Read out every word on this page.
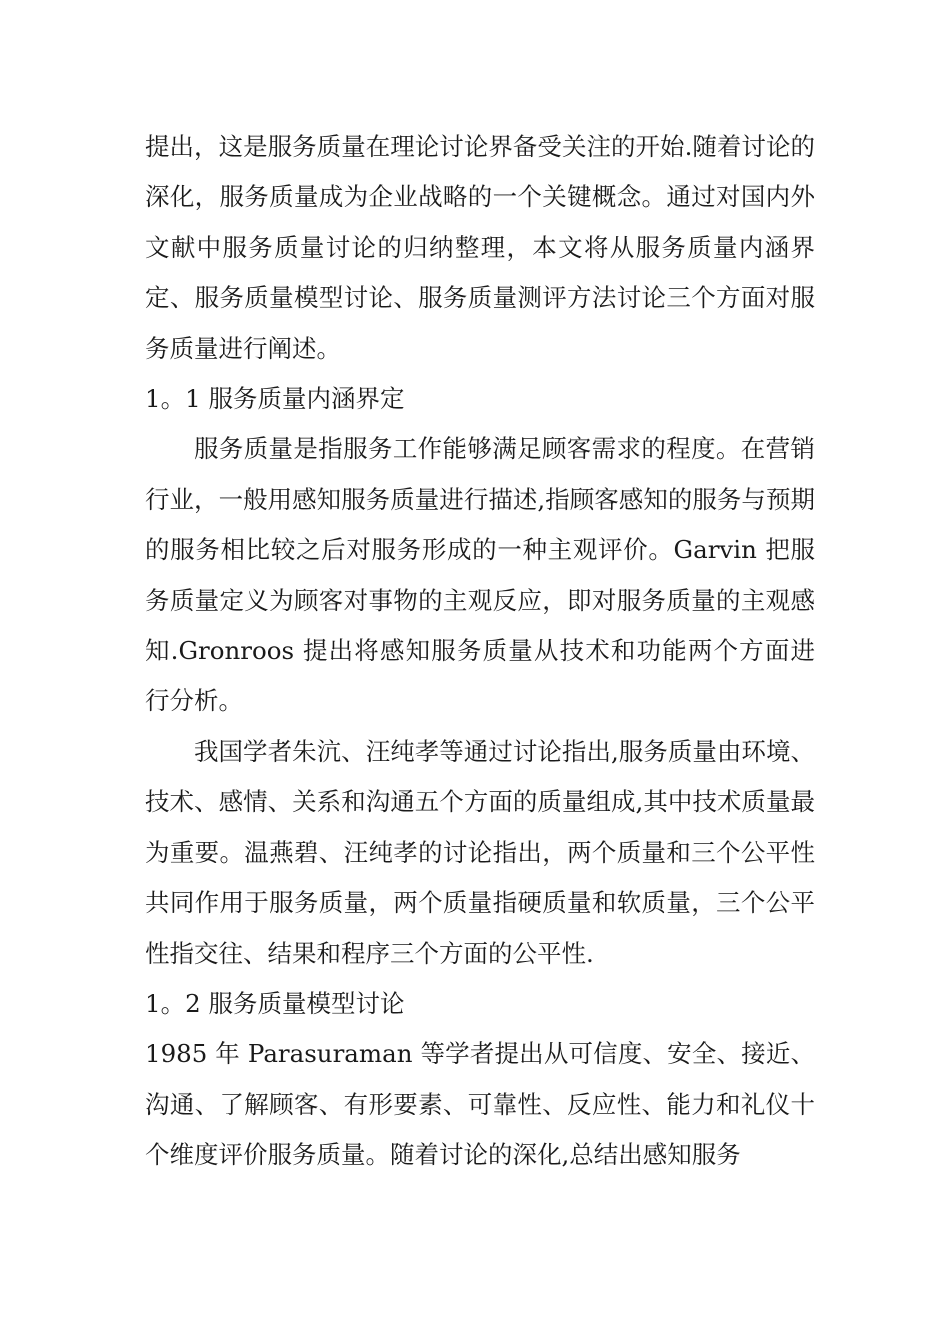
提出，这是服务质量在理论讨论界备受关注的开始.随着讨论的深化，服务质量成为企业战略的一个关键概念。通过对国内外文献中服务质量讨论的归纳整理，本文将从服务质量内涵界定、服务质量模型讨论、服务质量测评方法讨论三个方面对服务质量进行阐述。

1。1 服务质量内涵界定

服务质量是指服务工作能够满足顾客需求的程度。在营销行业，一般用感知服务质量进行描述,指顾客感知的服务与预期的服务相比较之后对服务形成的一种主观评价。Garvin 把服务质量定义为顾客对事物的主观反应，即对服务质量的主观感知.Gronroos 提出将感知服务质量从技术和功能两个方面进行分析。

我国学者朱沆、汪纯孝等通过讨论指出,服务质量由环境、技术、感情、关系和沟通五个方面的质量组成,其中技术质量最为重要。温燕碧、汪纯孝的讨论指出，两个质量和三个公平性共同作用于服务质量，两个质量指硬质量和软质量，三个公平性指交往、结果和程序三个方面的公平性.

1。2 服务质量模型讨论

1985 年 Parasuraman 等学者提出从可信度、安全、接近、沟通、了解顾客、有形要素、可靠性、反应性、能力和礼仪十个维度评价服务质量。随着讨论的深化,总结出感知服务
